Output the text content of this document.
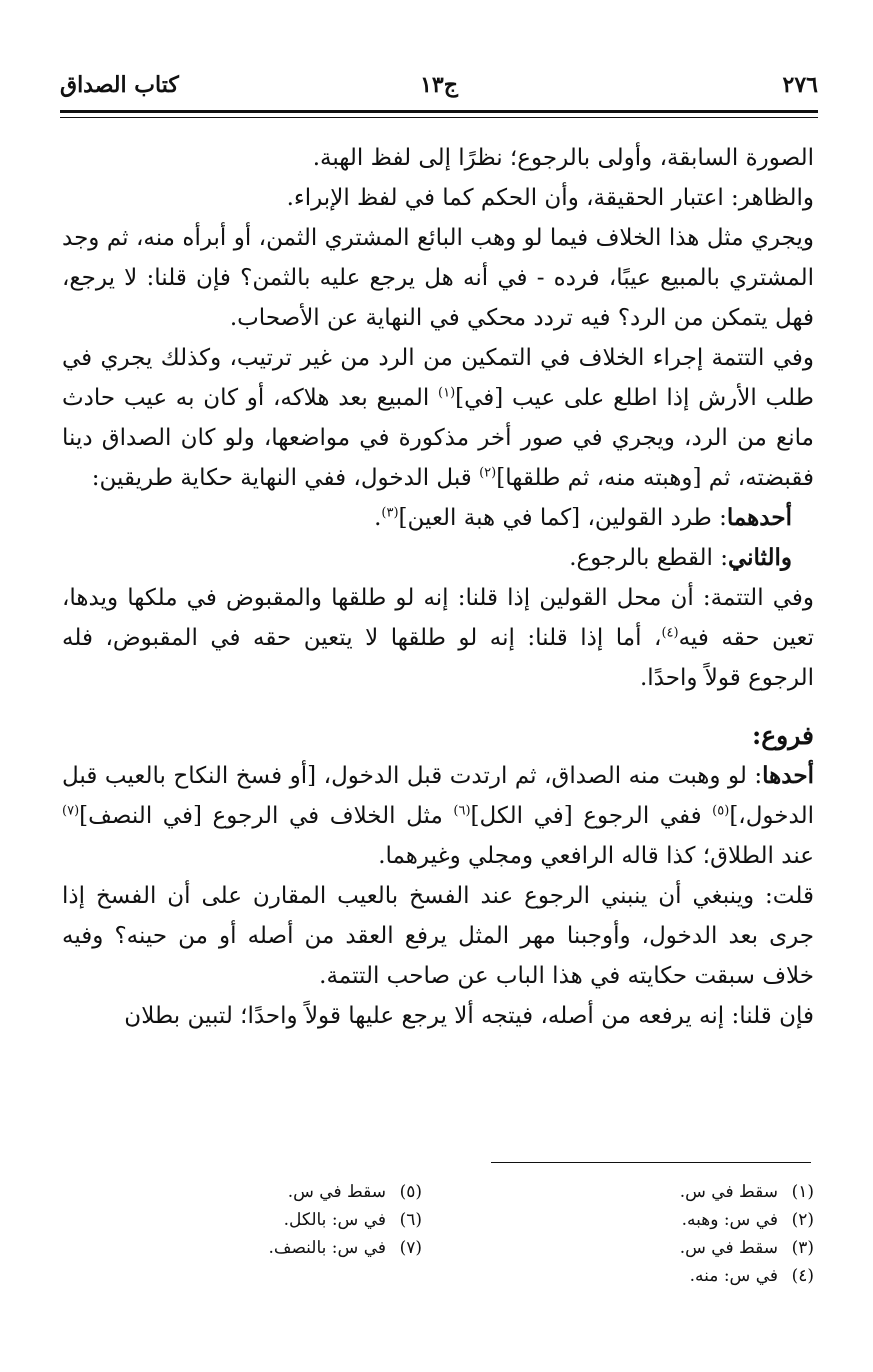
٢٧٦
ج١٣
كتاب الصداق

الصورة السابقة، وأولى بالرجوع؛ نظرًا إلى لفظ الهبة.

والظاهر: اعتبار الحقيقة، وأن الحكم كما في لفظ الإبراء.

ويجري مثل هذا الخلاف فيما لو وهب البائع المشتري الثمن، أو أبرأه منه، ثم وجد المشتري بالمبيع عيبًا، فرده - في أنه هل يرجع عليه بالثمن؟ فإن قلنا: لا يرجع، فهل يتمكن من الرد؟ فيه تردد محكي في النهاية عن الأصحاب.

وفي التتمة إجراء الخلاف في التمكين من الرد من غير ترتيب، وكذلك يجري في طلب الأرش إذا اطلع على عيب [في]$^{(١)}$ المبيع بعد هلاكه، أو كان به عيب حادث مانع من الرد، ويجري في صور أخر مذكورة في مواضعها، ولو كان الصداق دينا فقبضته، ثم [وهبته منه، ثم طلقها]$^{(٢)}$ قبل الدخول، ففي النهاية حكاية طريقين:

أحدهما: طرد القولين، [كما في هبة العين]$^{(٣)}$.

والثاني: القطع بالرجوع.

وفي التتمة: أن محل القولين إذا قلنا: إنه لو طلقها والمقبوض في ملكها ويدها، تعين حقه فيه$^{(٤)}$، أما إذا قلنا: إنه لو طلقها لا يتعين حقه في المقبوض، فله الرجوع قولاً واحدًا.

فروع:

أحدها: لو وهبت منه الصداق، ثم ارتدت قبل الدخول، [أو فسخ النكاح بالعيب قبل الدخول،]$^{(٥)}$ ففي الرجوع [في الكل]$^{(٦)}$ مثل الخلاف في الرجوع [في النصف]$^{(٧)}$ عند الطلاق؛ كذا قاله الرافعي ومجلي وغيرهما.

قلت: وينبغي أن ينبني الرجوع عند الفسخ بالعيب المقارن على أن الفسخ إذا جرى بعد الدخول، وأوجبنا مهر المثل يرفع العقد من أصله أو من حينه؟ وفيه خلاف سبقت حكايته في هذا الباب عن صاحب التتمة.

فإن قلنا: إنه يرفعه من أصله، فيتجه ألا يرجع عليها قولاً واحدًا؛ لتبين بطلان

(١)سقط في س.
(٢)في س: وهبه.
(٣)سقط في س.
(٤)في س: منه.
(٥)سقط في س.
(٦)في س: بالكل.
(٧)في س: بالنصف.
